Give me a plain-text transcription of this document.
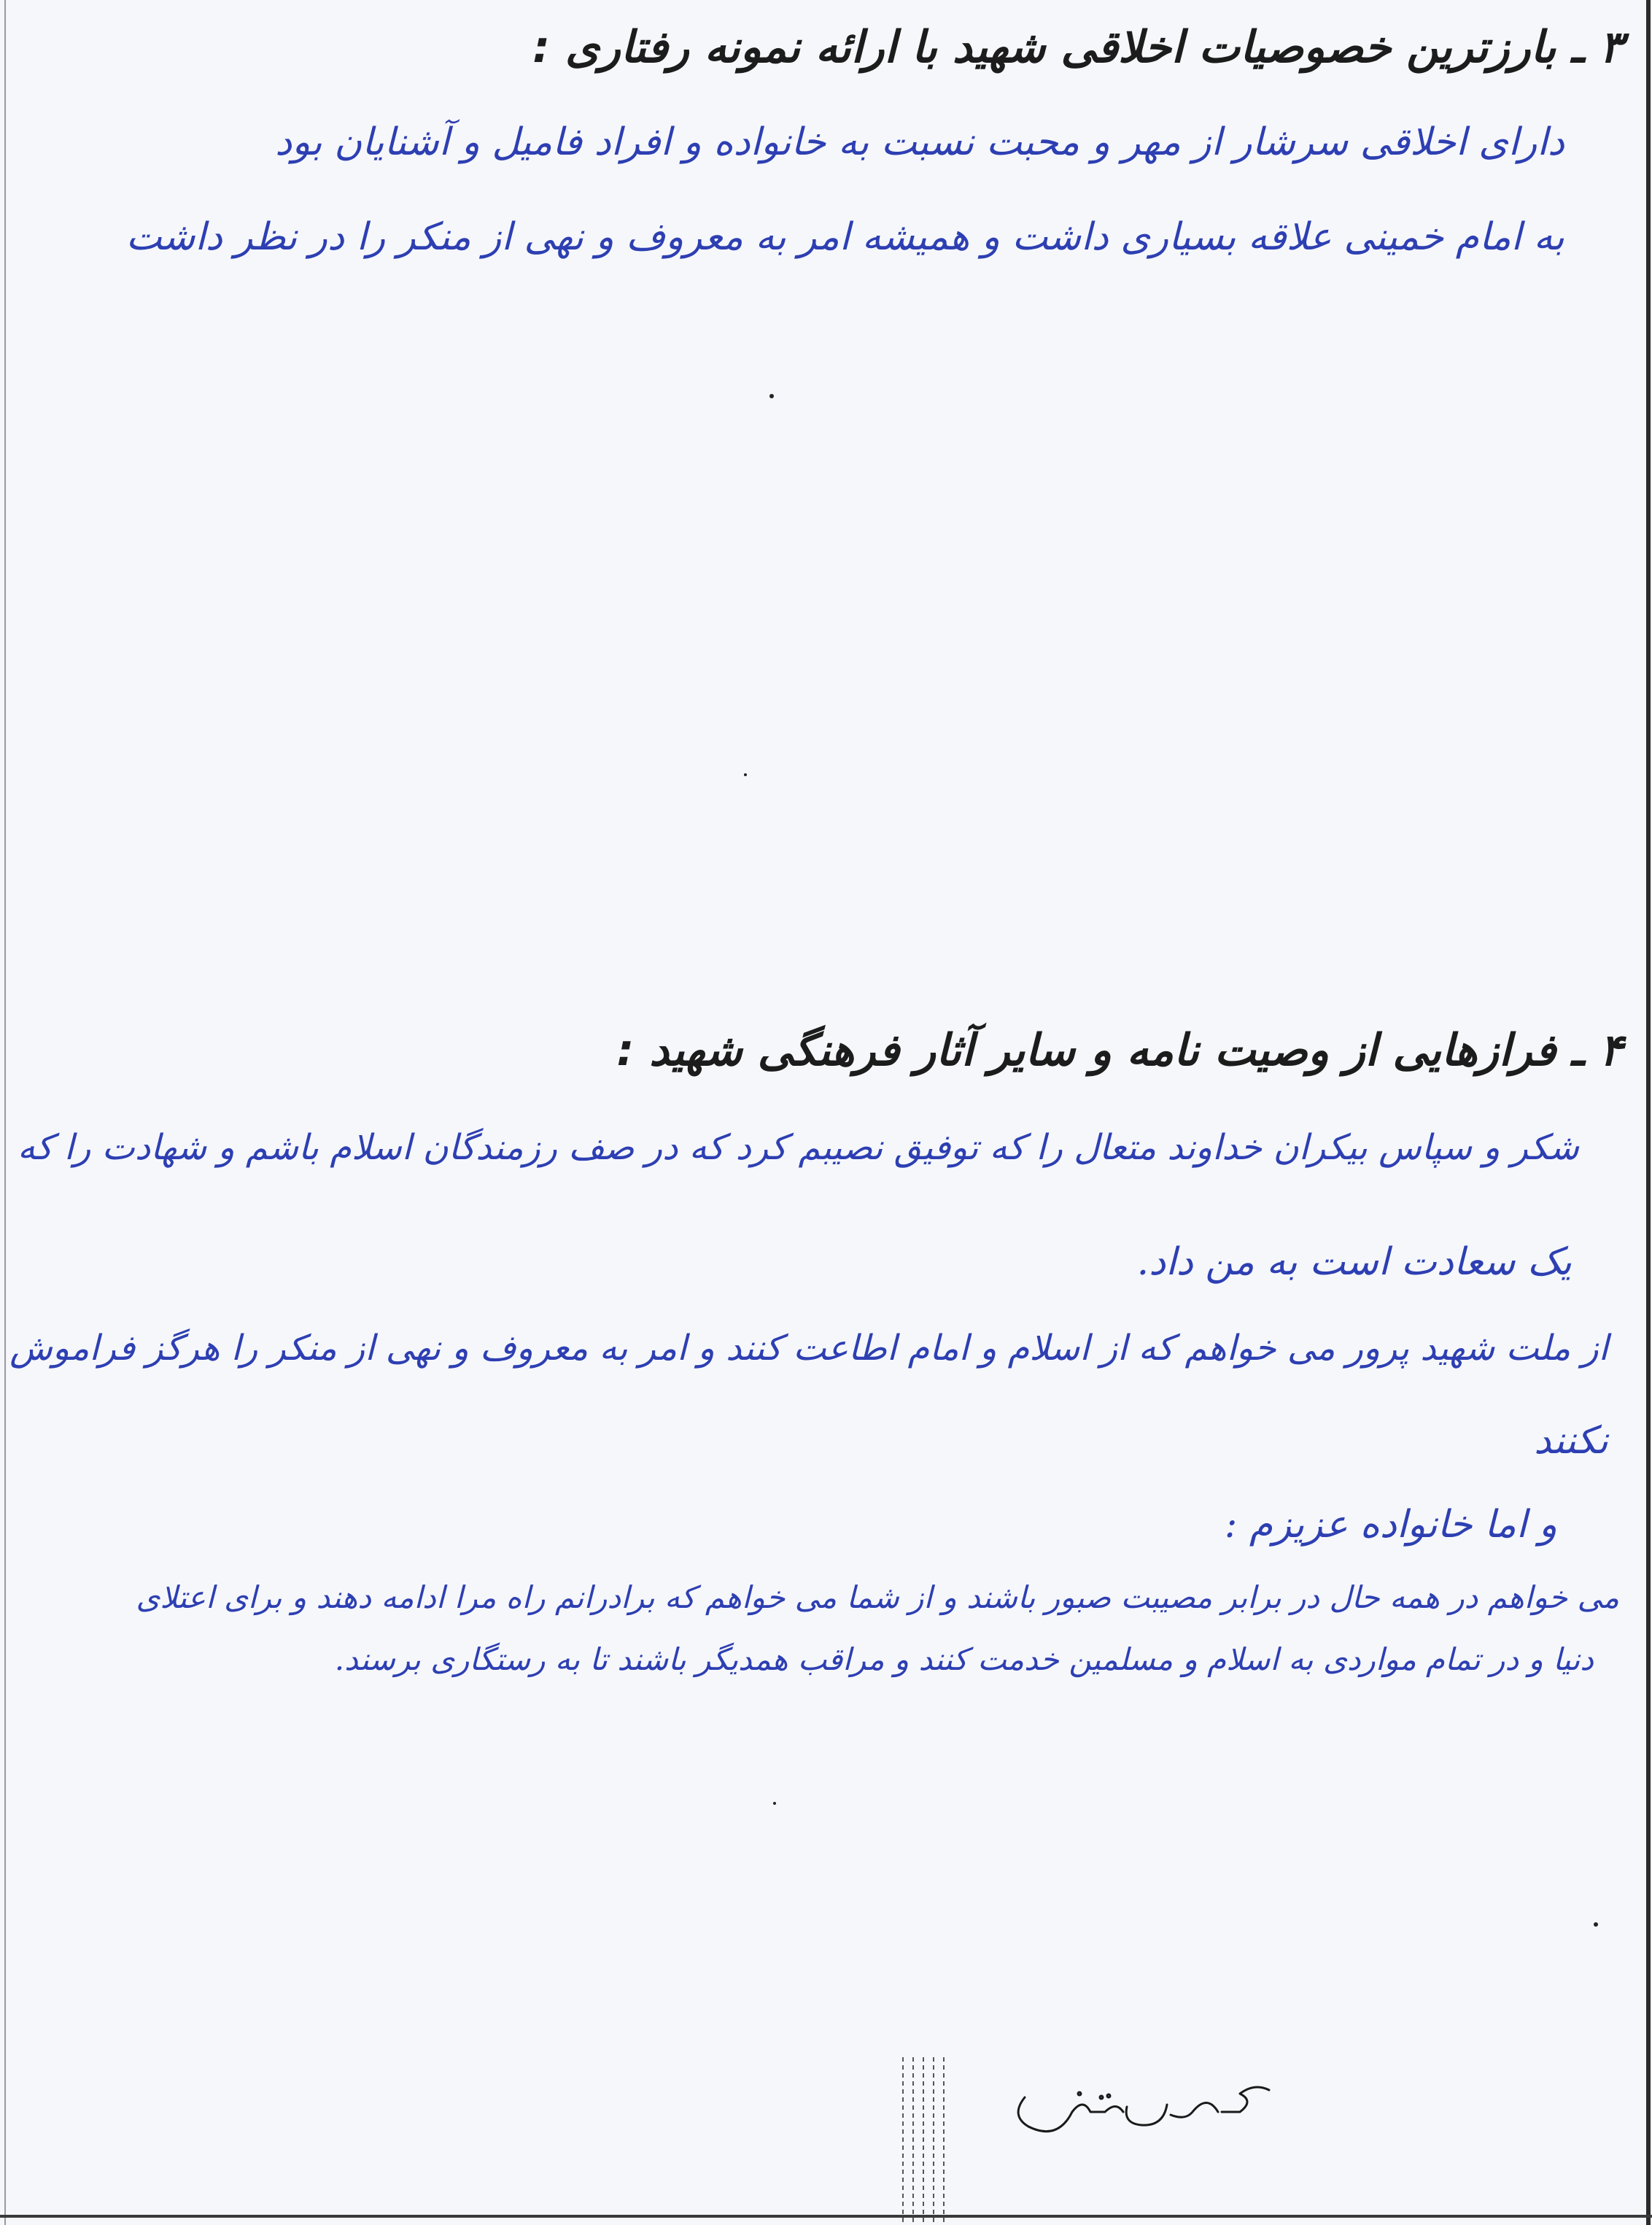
۳ ـ بارزترین خصوصیات اخلاقی شهید با ارائه نمونه رفتاری :
دارای اخلاقی سرشار از مهر و محبت نسبت به خانواده و افراد فامیل و آشنایان بود
به امام خمینی علاقه بسیاری داشت و همیشه امر به معروف و نهی از منکر را در نظر داشت
۴ ـ فرازهایی از وصیت نامه و سایر آثار فرهنگی شهید :
شکر و سپاس بیکران خداوند متعال را که توفیق نصیبم کرد که در صف رزمندگان اسلام باشم و شهادت را که
یک سعادت است به من داد.
از ملت شهید پرور می خواهم که از اسلام و امام اطاعت کنند و امر به معروف و نهی از منکر را هرگز فراموش
نکنند
و اما خانواده عزیزم :
می خواهم در همه حال در برابر مصیبت صبور باشند و از شما می خواهم که برادرانم راه مرا ادامه دهند و برای اعتلای
دنیا و در تمام مواردی به اسلام و مسلمین خدمت کنند و مراقب همدیگر باشند تا به رستگاری برسند.
